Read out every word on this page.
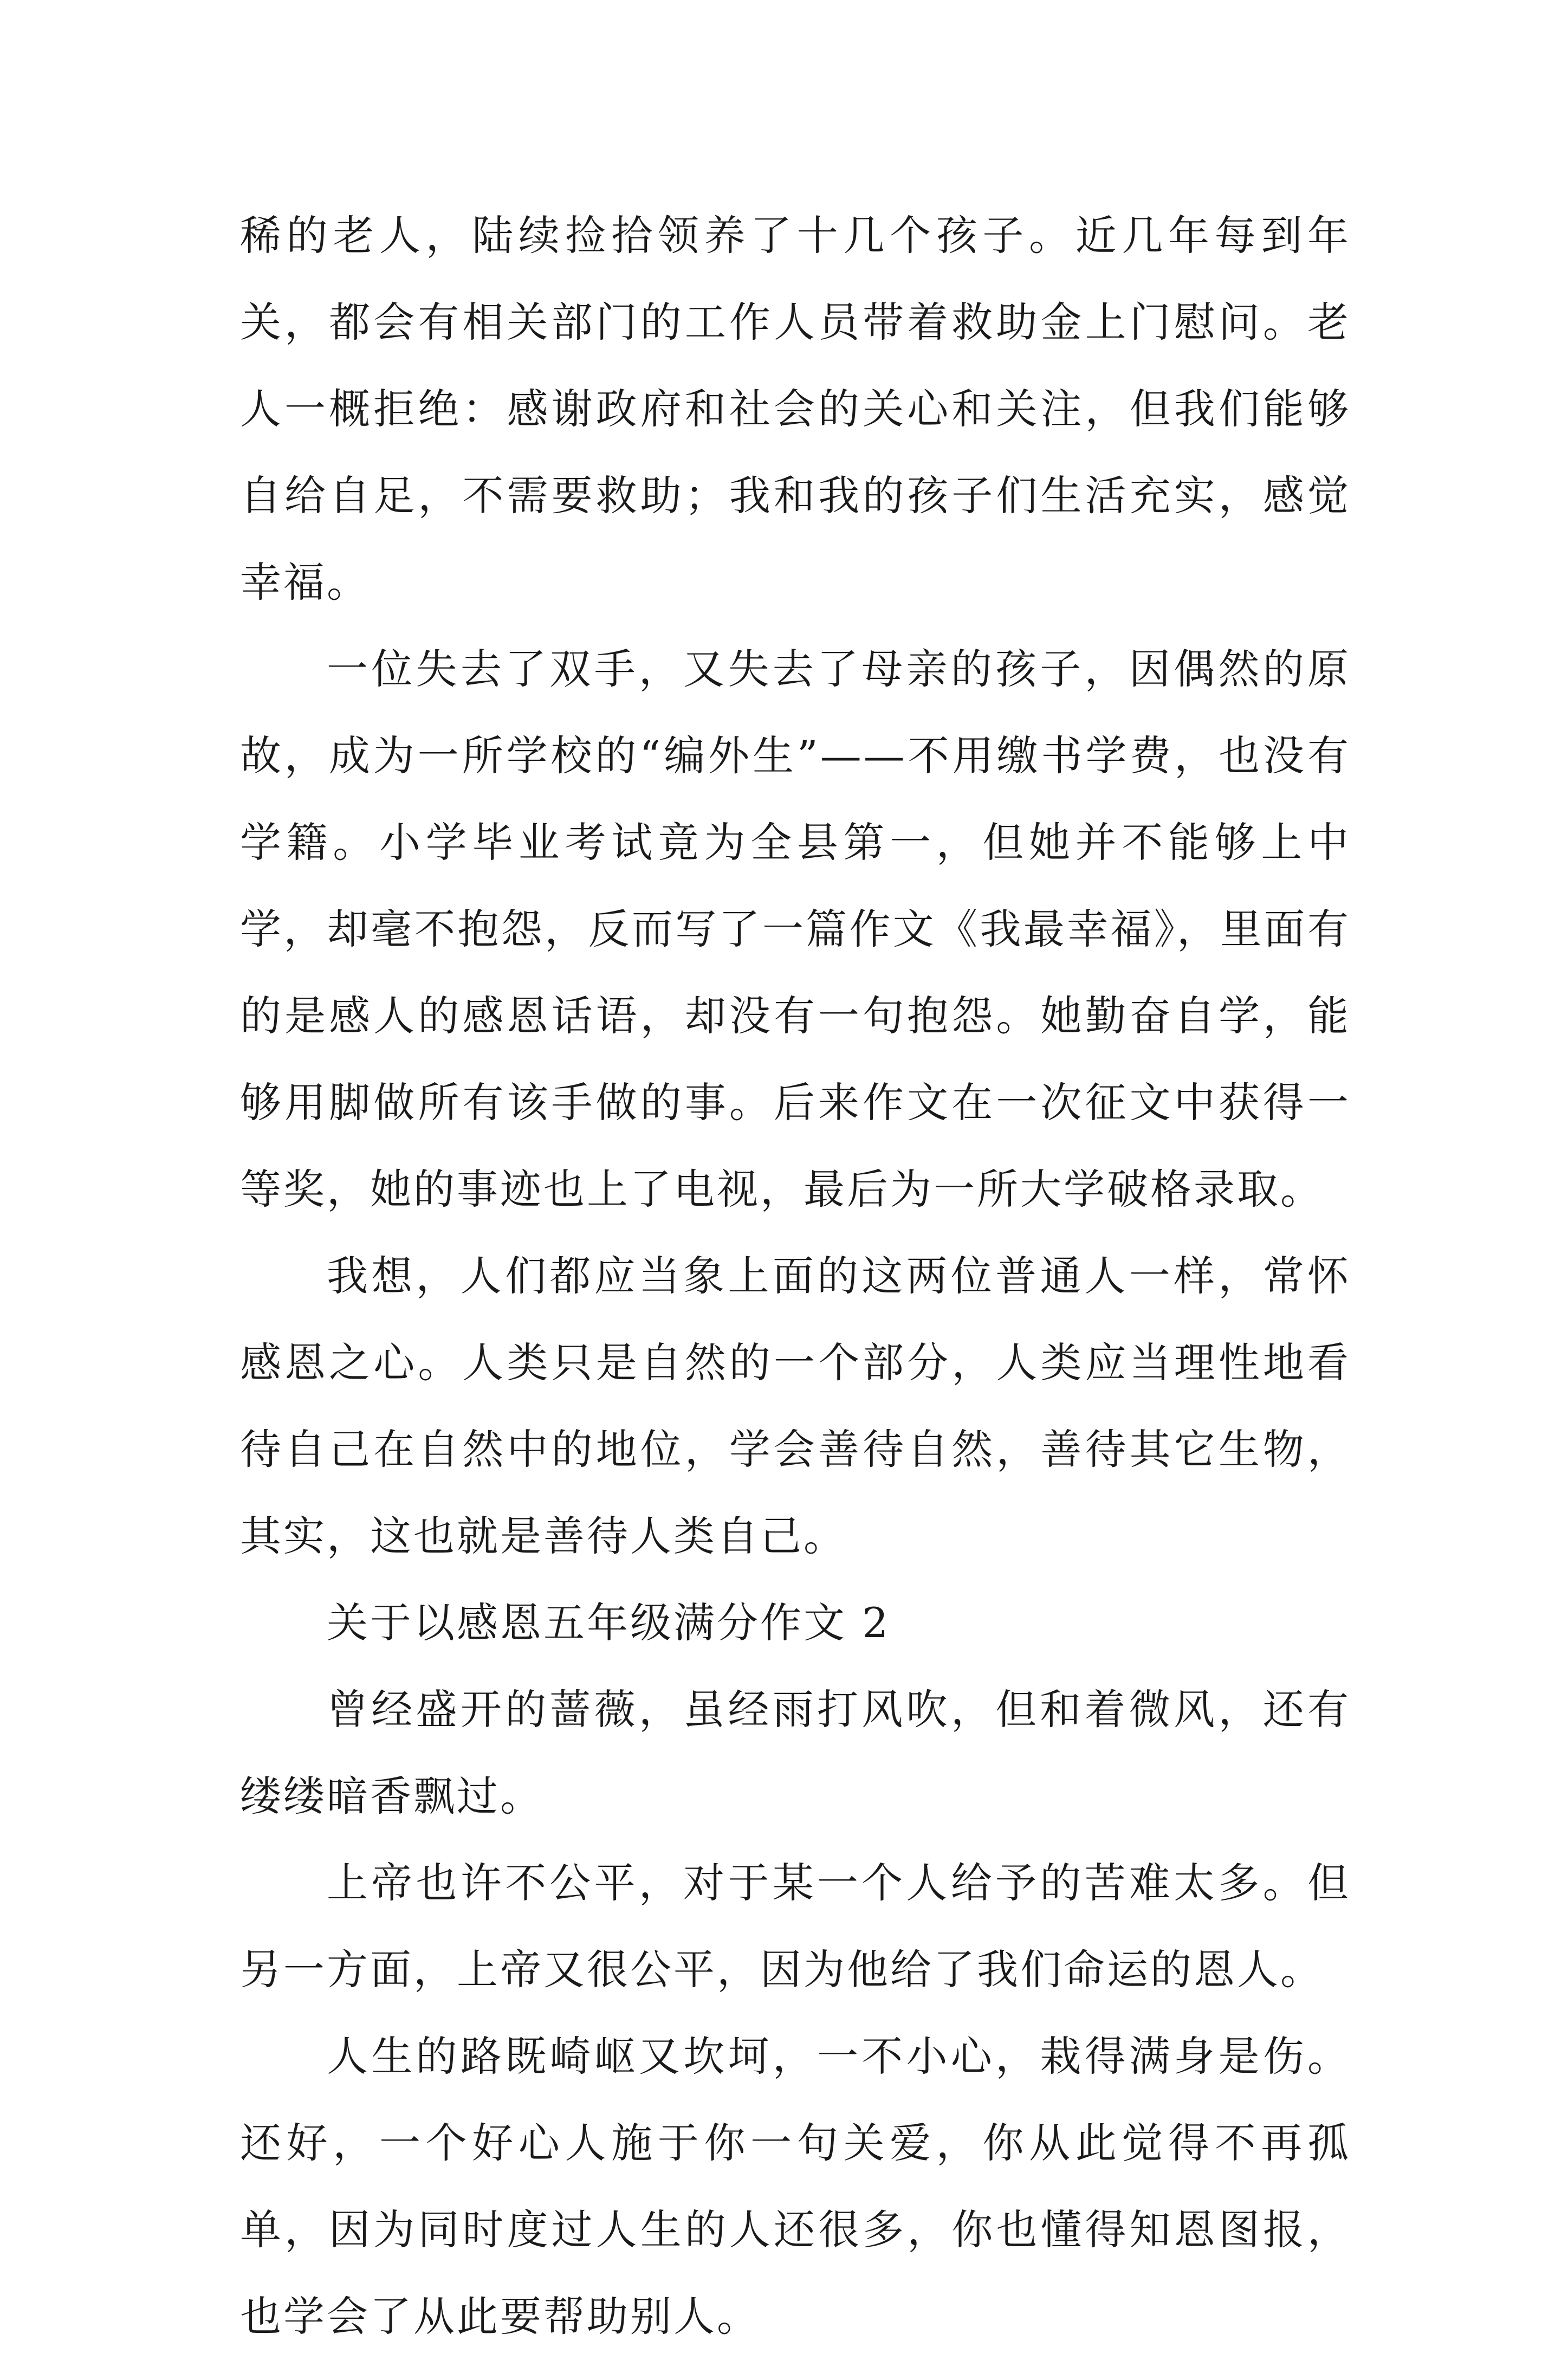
稀的老人，陆续捡拾领养了十几个孩子。近几年每到年关，都会有相关部门的工作人员带着救助金上门慰问。老人一概拒绝：感谢政府和社会的关心和关注，但我们能够自给自足，不需要救助；我和我的孩子们生活充实，感觉幸福。

一位失去了双手，又失去了母亲的孩子，因偶然的原故，成为一所学校的“编外生”——不用缴书学费，也没有学籍。小学毕业考试竟为全县第一，但她并不能够上中学，却毫不抱怨，反而写了一篇作文《我最幸福》，里面有的是感人的感恩话语，却没有一句抱怨。她勤奋自学，能够用脚做所有该手做的事。后来作文在一次征文中获得一等奖，她的事迹也上了电视，最后为一所大学破格录取。

我想，人们都应当象上面的这两位普通人一样，常怀感恩之心。人类只是自然的一个部分，人类应当理性地看待自己在自然中的地位，学会善待自然，善待其它生物，其实，这也就是善待人类自己。

关于以感恩五年级满分作文 2

曾经盛开的蔷薇，虽经雨打风吹，但和着微风，还有缕缕暗香飘过。

上帝也许不公平，对于某一个人给予的苦难太多。但另一方面，上帝又很公平，因为他给了我们命运的恩人。

人生的路既崎岖又坎坷，一不小心，栽得满身是伤。还好，一个好心人施于你一句关爱，你从此觉得不再孤单，因为同时度过人生的人还很多，你也懂得知恩图报，也学会了从此要帮助别人。
